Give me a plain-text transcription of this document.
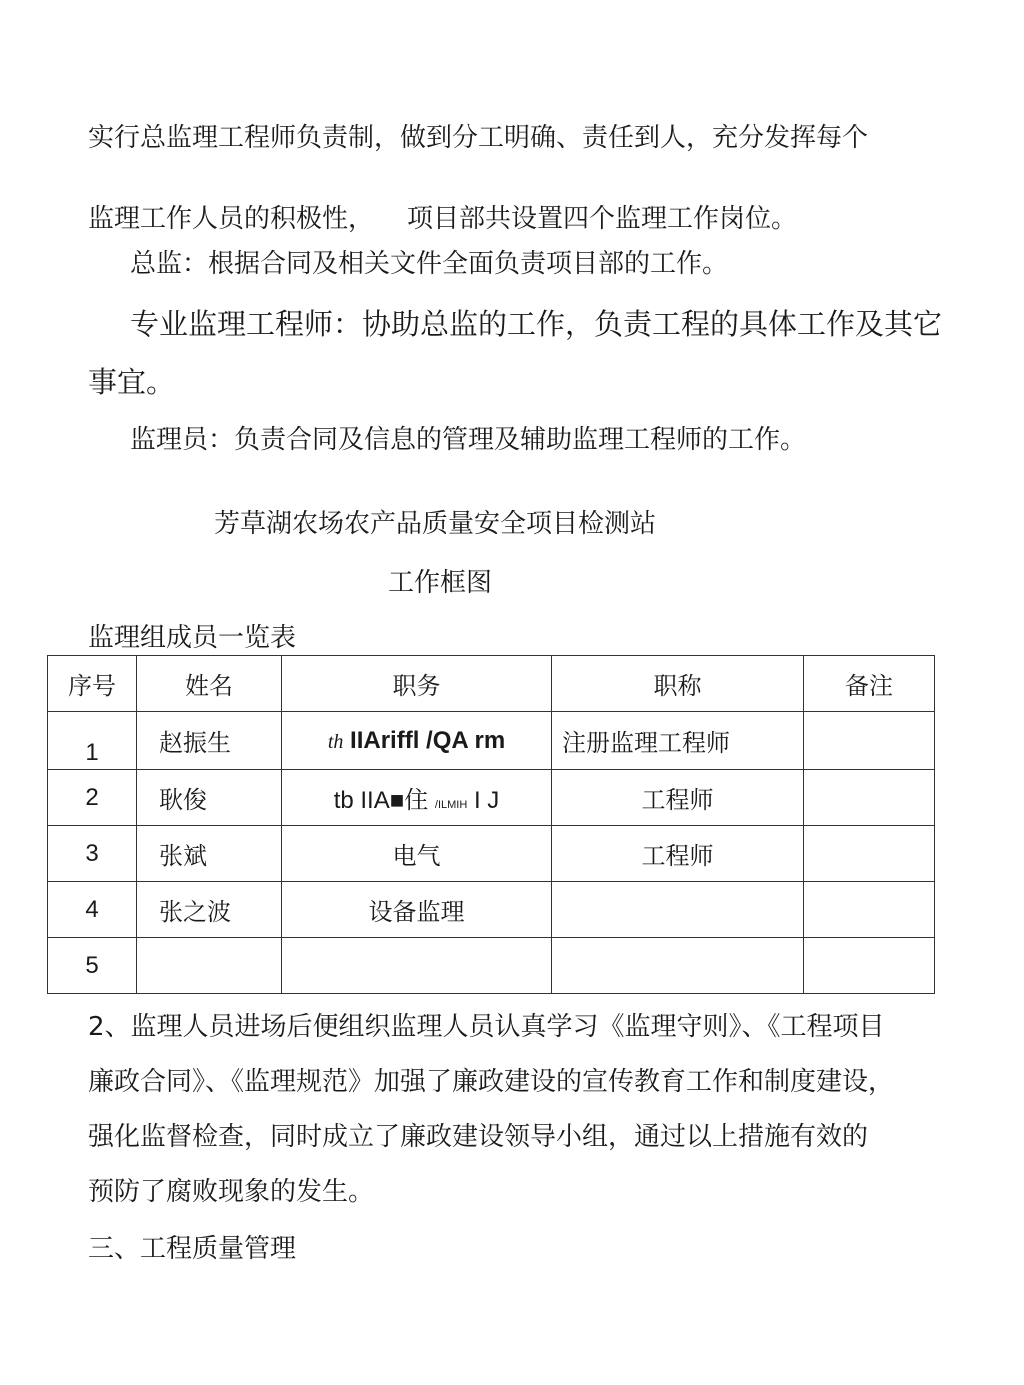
实行总监理工程师负责制，做到分工明确、责任到人，充分发挥每个
监理工作人员的积极性，    项目部共设置四个监理工作岗位。
总监：根据合同及相关文件全面负责项目部的工作。
专业监理工程师：协助总监的工作，负责工程的具体工作及其它
事宜。
监理员：负责合同及信息的管理及辅助监理工程师的工作。
芳草湖农场农产品质量安全项目检测站
工作框图
监理组成员一览表
序号	姓名	职务	职称	备注
1	赵振生	th IIAriffl /QA rm	注册监理工程师	
2	耿俊	tb IIA■住 /ILMIH I J	工程师	
3	张斌	电气	工程师	
4	张之波	设备监理		
5				
2、监理人员进场后便组织监理人员认真学习《监理守则》、《工程项目
廉政合同》、《监理规范》加强了廉政建设的宣传教育工作和制度建设，
强化监督检查，同时成立了廉政建设领导小组，通过以上措施有效的
预防了腐败现象的发生。
三、工程质量管理
